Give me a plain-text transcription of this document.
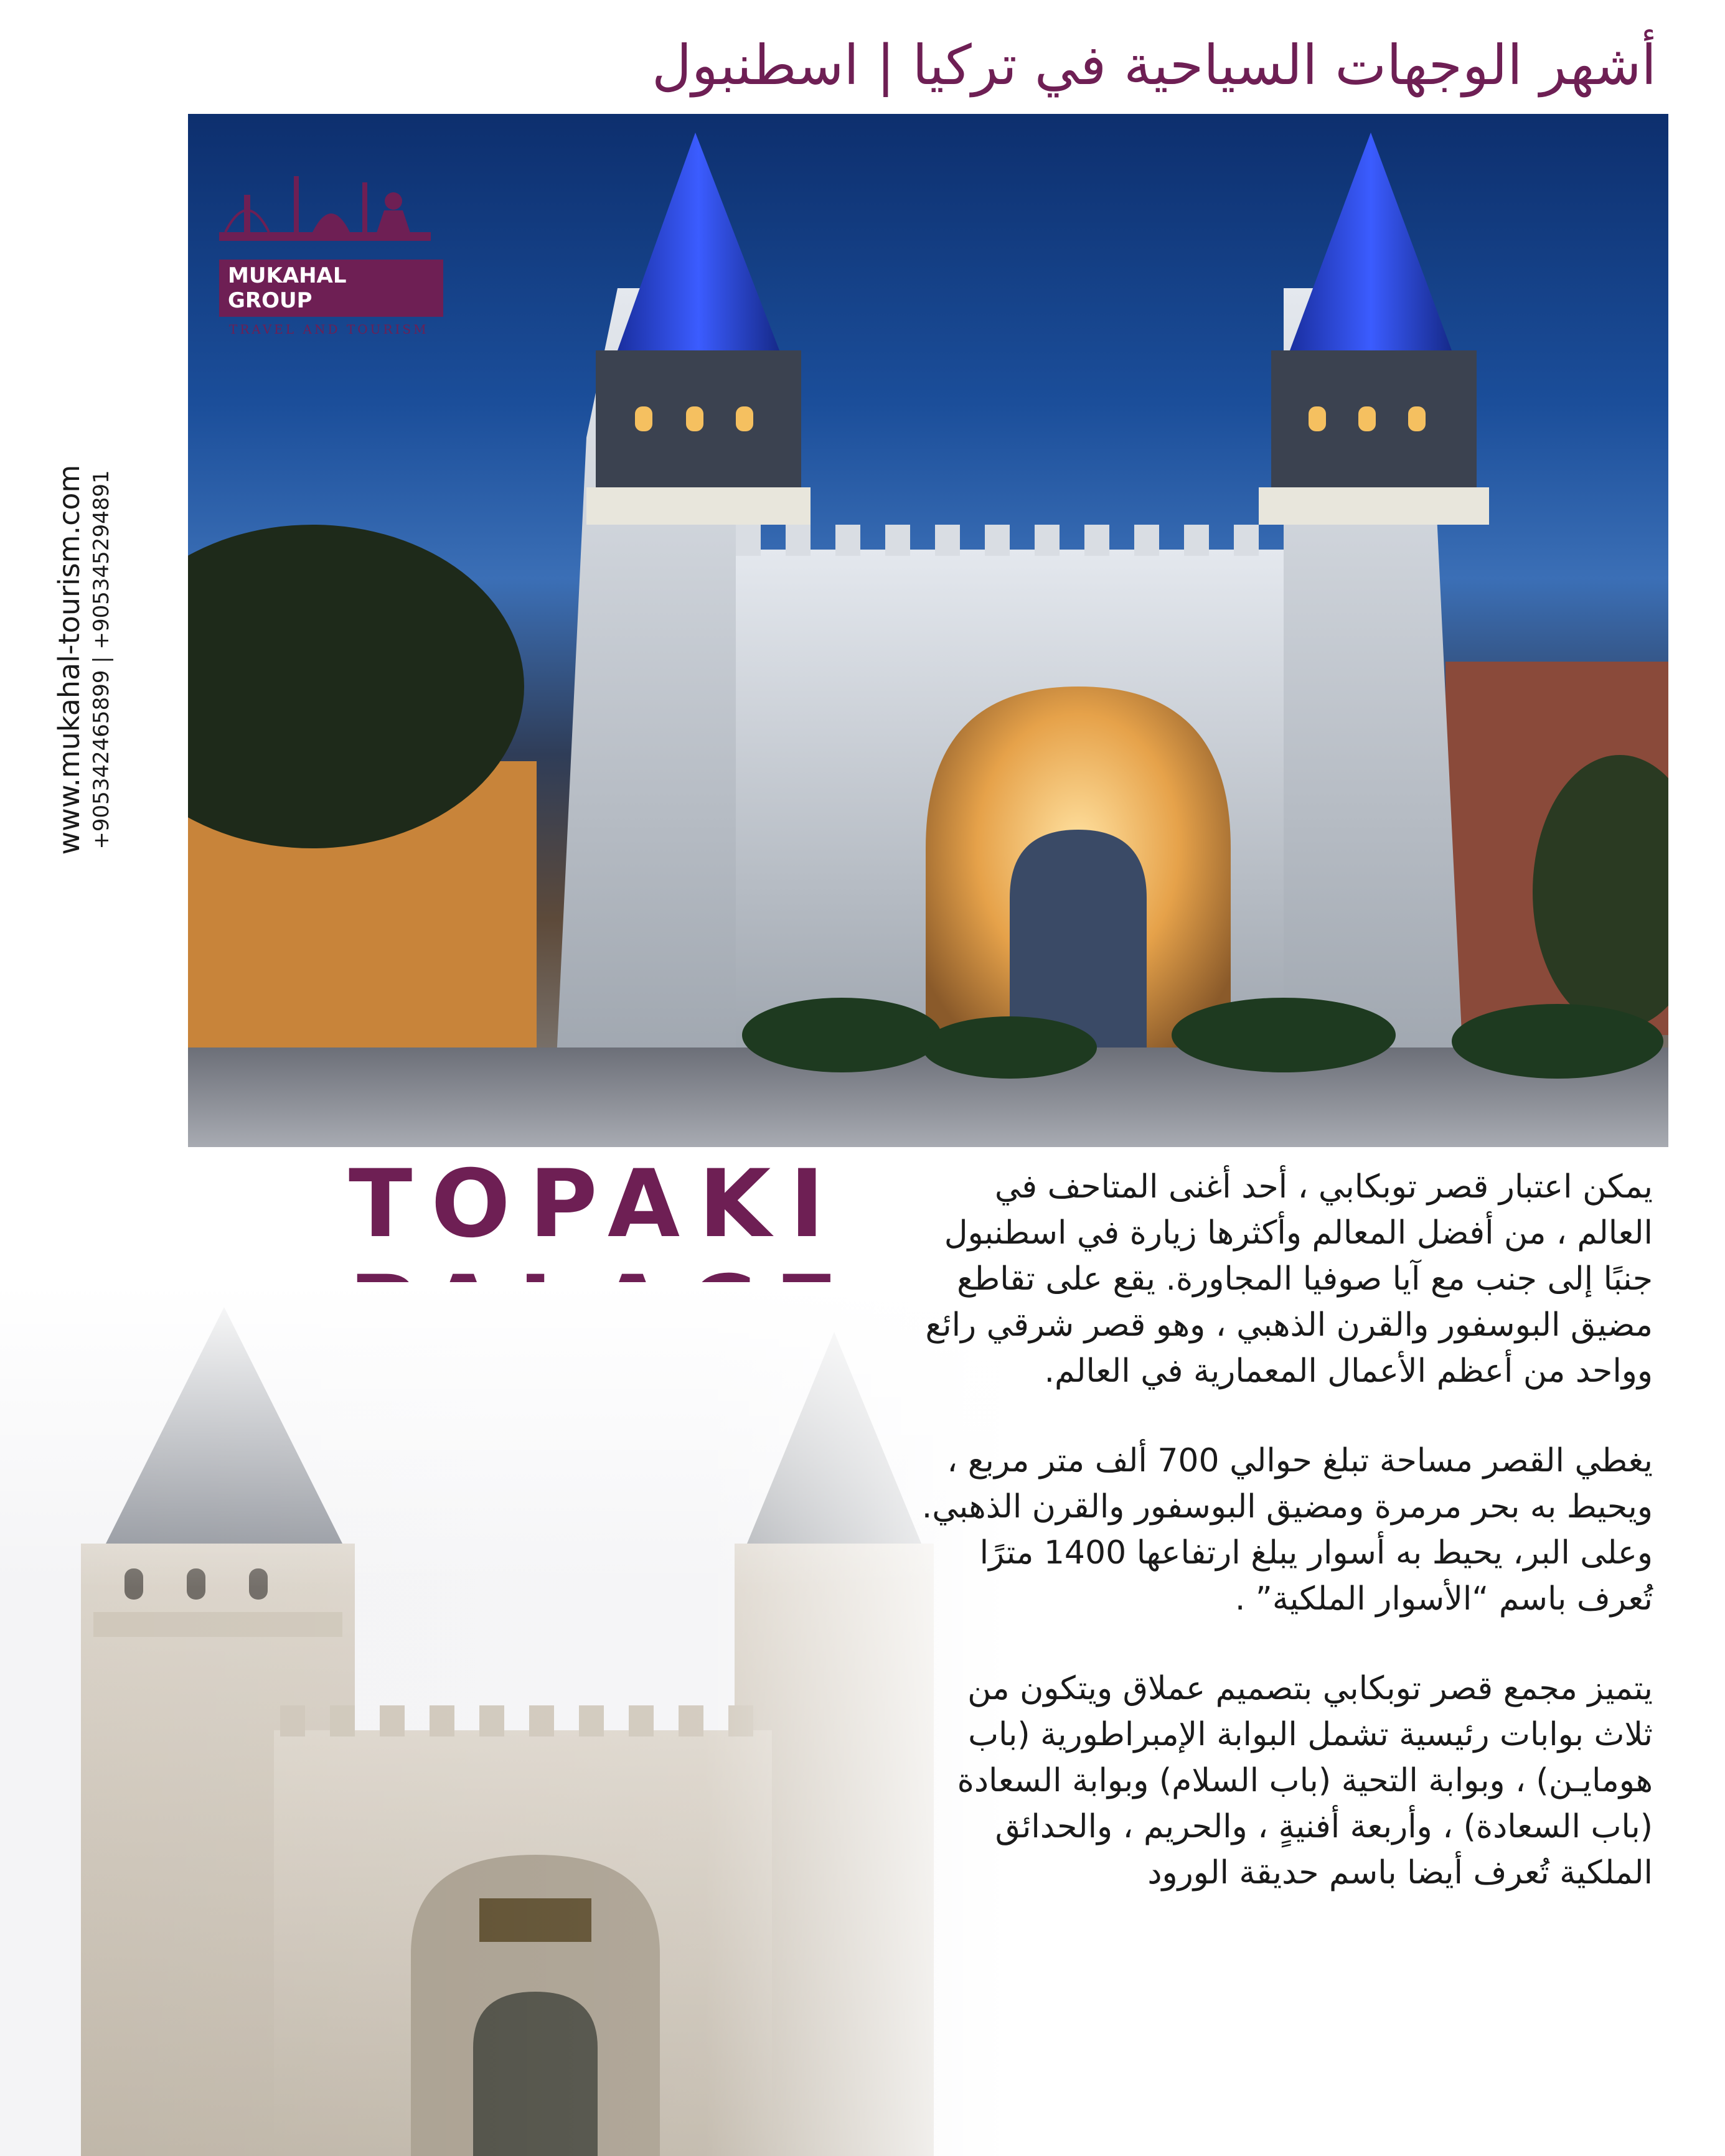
أشهر الوجهات السياحية في تركيا | اسطنبول
MUKAHAL GROUP
TRAVEL AND TOURISM
www.mukahal-tourism.com +905342465899 | +905345294891
TOPAKI	يمكن اعتبار قصر توبكابي ، أحد أغنى المتاحف في العالم ، من أفضل المعالم وأكثرها زيارة في اسطنبول جنبًا إلى جنب مع آيا صوفيا المجاورة. يقع على تقاطع مضيق البوسفور والقرن الذهبي ، وهو قصر شرقي رائع وواحد من أعظم الأعمال المعمارية في العالم.

يغطي القصر مساحة تبلغ حوالي 700 ألف متر مربع ، ويحيط به بحر مرمرة ومضيق البوسفور والقرن الذهبي. وعلى البر، يحيط به أسوار يبلغ ارتفاعها 1400 مترًا تُعرف باسم “الأسوار الملكية” .

يتميز مجمع قصر توبكابي بتصميم عملاق ويتكون من ثلاث بوابات رئيسية تشمل البوابة الإمبراطورية (باب هومايـن) ، وبوابة التحية (باب السلام) وبوابة السعادة (باب السعادة) ، وأربعة أفنيةٍ ، والحريم ، والحدائق الملكية تُعرف أيضا باسم حديقة الورود
